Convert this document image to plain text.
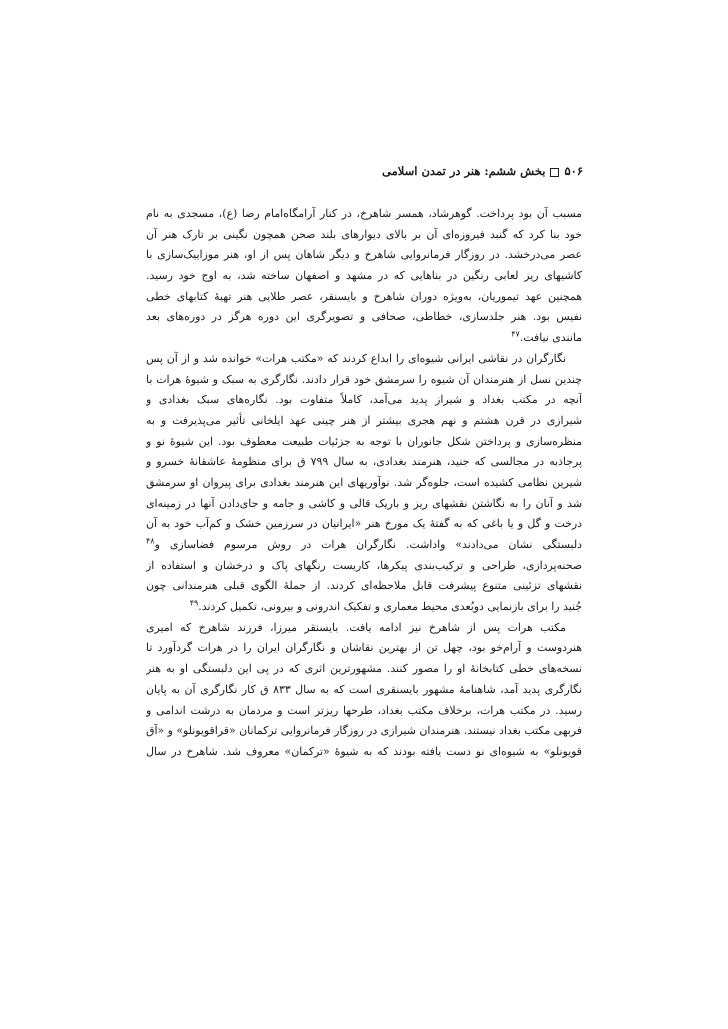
۵۰۶بخش ششم: هنر در تمدن اسلامی
مسبب آن بود پرداخت. گوهرشاد، همسر شاهرخ، در کنار آرامگاه‌امام رضا (ع)، مسجدی به نام
خود بنا کرد که گنبد فیروزه‌ای آن بر بالای دیوارهای بلند صحن همچون نگینی بر تارک هنر آن
عصر می‌درخشد. در روزگار فرمانروایی شاهرخ و دیگر شاهان پس از او، هنر موزاییک‌سازی با
کاشیهای ریز لعابی رنگین در بناهایی که در مشهد و اصفهان ساخته شد، به اوج خود رسید.
همچنین عهد تیموریان، به‌ویژه دوران شاهرخ و بایسنقر، عصر طلایی هنر تهیهٔ کتابهای خطی
نفیس بود. هنر جلدسازی، خطاطی، صحافی و تصویرگری این دوره هرگز در دوره‌های بعد
مانندی نیافت.$^{۴۷}$
نگارگران در نقاشی ایرانی شیوه‌ای را ابداع کردند که «مکتب هرات» خوانده شد و از آن پس
چندین نسل از هنرمندان آن شیوه را سرمشق خود قرار دادند. نگارگری به سبک و شیوهٔ هرات با
آنچه در مکتب بغداد و شیراز پدید می‌آمد، کاملاً متفاوت بود. نگاره‌های سبک بغدادی و
شیرازی در قرن هشتم و نهم هجری بیشتر از هنر چینی عهد ایلخانی تأثیر می‌پذیرفت و به
منظره‌سازی و پرداختن شکل جانوران با توجه به جزئیات طبیعت معطوف بود. این شیوهٔ نو و
پرجاذبه در مجالسی که جنید، هنرمند بغدادی، به سال ۷۹۹ ق برای منظومهٔ عاشقانهٔ خسرو و
شیرین نظامی کشیده است، جلوه‌گر شد. نوآوریهای این هنرمند بغدادی برای پیروان او سرمشق
شد و آنان را به نگاشتن نقشهای ریز و باریک قالی و کاشی و جامه و جای‌دادن آنها در زمینه‌ای
درخت و گل و یا باغی که به گفتهٔ یک مورخ هنر «ایرانیان در سرزمین خشک و کم‌آب خود به آن
دلبستگی نشان می‌دادند» واداشت. نگارگران هرات در روش مرسوم فضاسازی و$^{۴۸}$
صحنه‌پردازی، طراحی و ترکیب‌بندی پیکرها، کاربست رنگهای پاک و درخشان و استفاده از
نقشهای تزئینی متنوع پیشرفت قابل ملاحظه‌ای کردند. از جملهٔ الگوی قبلی هنرمندانی چون
جُنید را برای بازنمایی دوبُعدی محیط معماری و تفکیک اندرونی و بیرونی، تکمیل کردند.$^{۴۹}$
مکتب هرات پس از شاهرخ نیز ادامه یافت. بایسنقر میرزا، فرزند شاهرخ که امیری
هنردوست و آرام‌خو بود، چهل تن از بهترین نقاشان و نگارگران ایران را در هرات گردآورد تا
نسخه‌های خطی کتابخانهٔ او را مصور کنند. مشهورترین اثری که در پی این دلبستگی او به هنر
نگارگری پدید آمد، شاهنامهٔ مشهور بایسنقری است که به سال ۸۳۳ ق کار نگارگری آن به پایان
رسید. در مکتب هرات، برخلاف مکتب بغداد، طرحها ریزتر است و مردمان به درشت اندامی و
فربهی مکتب بغداد نیستند. هنرمندان شیرازی در روزگار فرمانروایی ترکمانان «قراقویونلو» و «آق
قویونلو» به شیوه‌ای نو دست یافته بودند که به شیوهٔ «ترکمان» معروف شد. شاهرخ در سال
